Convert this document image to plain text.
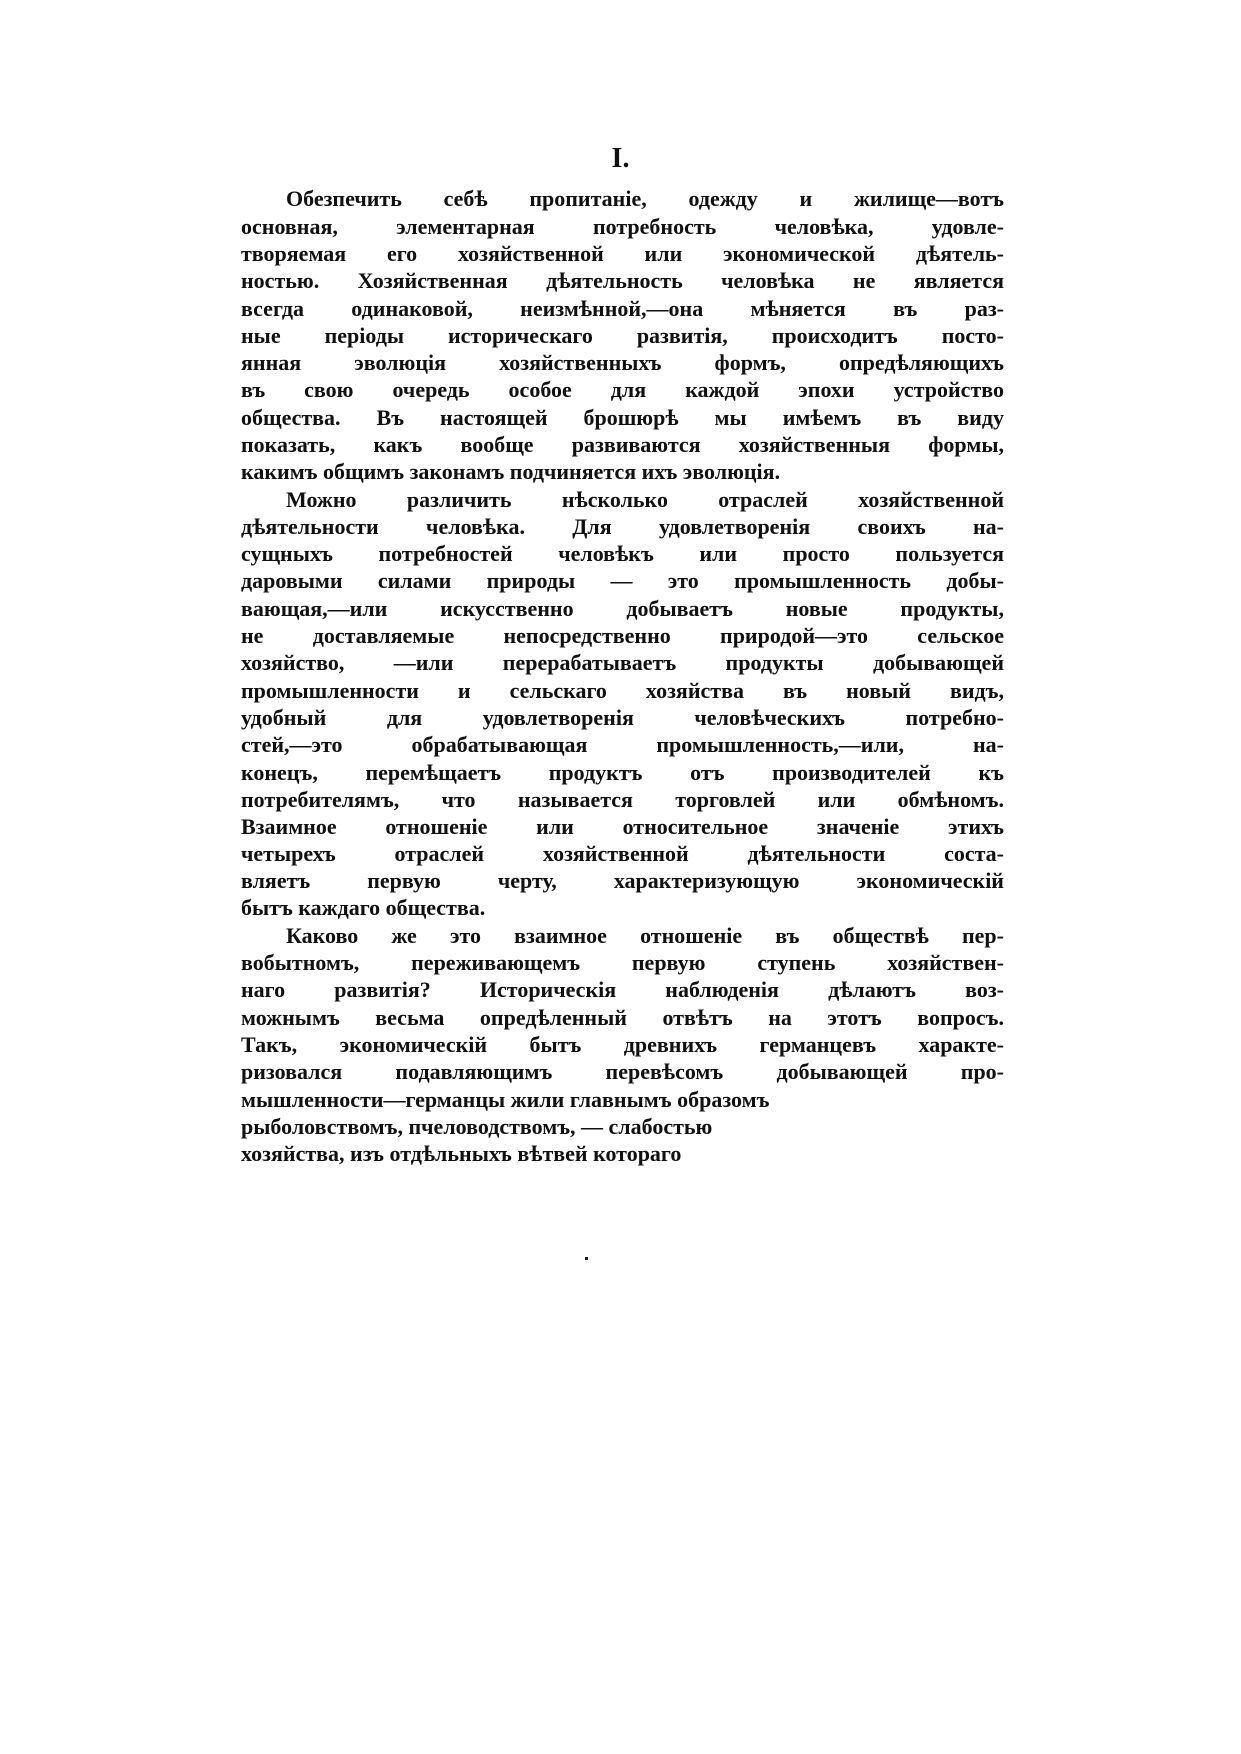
I.
Обезпечить себѣ пропитаніе, одежду и жилище—вотъ
основная, элементарная потребность человѣка, удовле-
творяемая его хозяйственной или экономической дѣятель-
ностью. Хозяйственная дѣятельность человѣка не является
всегда одинаковой, неизмѣнной,—она мѣняется въ раз-
ные періоды историческаго развитія, происходитъ посто-
янная эволюція хозяйственныхъ формъ, опредѣляющихъ
въ свою очередь особое для каждой эпохи устройство
общества. Въ настоящей брошюрѣ мы имѣемъ въ виду
показать, какъ вообще развиваются хозяйственныя формы,
какимъ общимъ законамъ подчиняется ихъ эволюція.
Можно различить нѣсколько отраслей хозяйственной
дѣятельности человѣка. Для удовлетворенія своихъ на-
сущныхъ потребностей человѣкъ или просто пользуется
даровыми силами природы — это промышленность добы-
вающая,—или искусственно добываетъ новые продукты,
не доставляемые непосредственно природой—это сельское
хозяйство, —или перерабатываетъ продукты добывающей
промышленности и сельскаго хозяйства въ новый видъ,
удобный для удовлетворенія человѣческихъ потребно-
стей,—это обрабатывающая промышленность,—или, на-
конецъ, перемѣщаетъ продуктъ отъ производителей къ
потребителямъ, что называется торговлей или обмѣномъ.
Взаимное отношеніе или относительное значеніе этихъ
четырехъ отраслей хозяйственной дѣятельности соста-
вляетъ первую черту, характеризующую экономическій
бытъ каждаго общества.
Каково же это взаимное отношеніе въ обществѣ пер-
вобытномъ, переживающемъ первую ступень хозяйствен-
наго развитія? Историческія наблюденія дѣлаютъ воз-
можнымъ весьма опредѣленный отвѣтъ на этотъ вопросъ.
Такъ, экономическій бытъ древнихъ германцевъ характе-
ризовался подавляющимъ перевѣсомъ добывающей про-
мышленности—германцы жили главнымъ образомъ
рыболовствомъ, пчеловодствомъ, — слабостью
хозяйства, изъ отдѣльныхъ вѣтвей котораго
